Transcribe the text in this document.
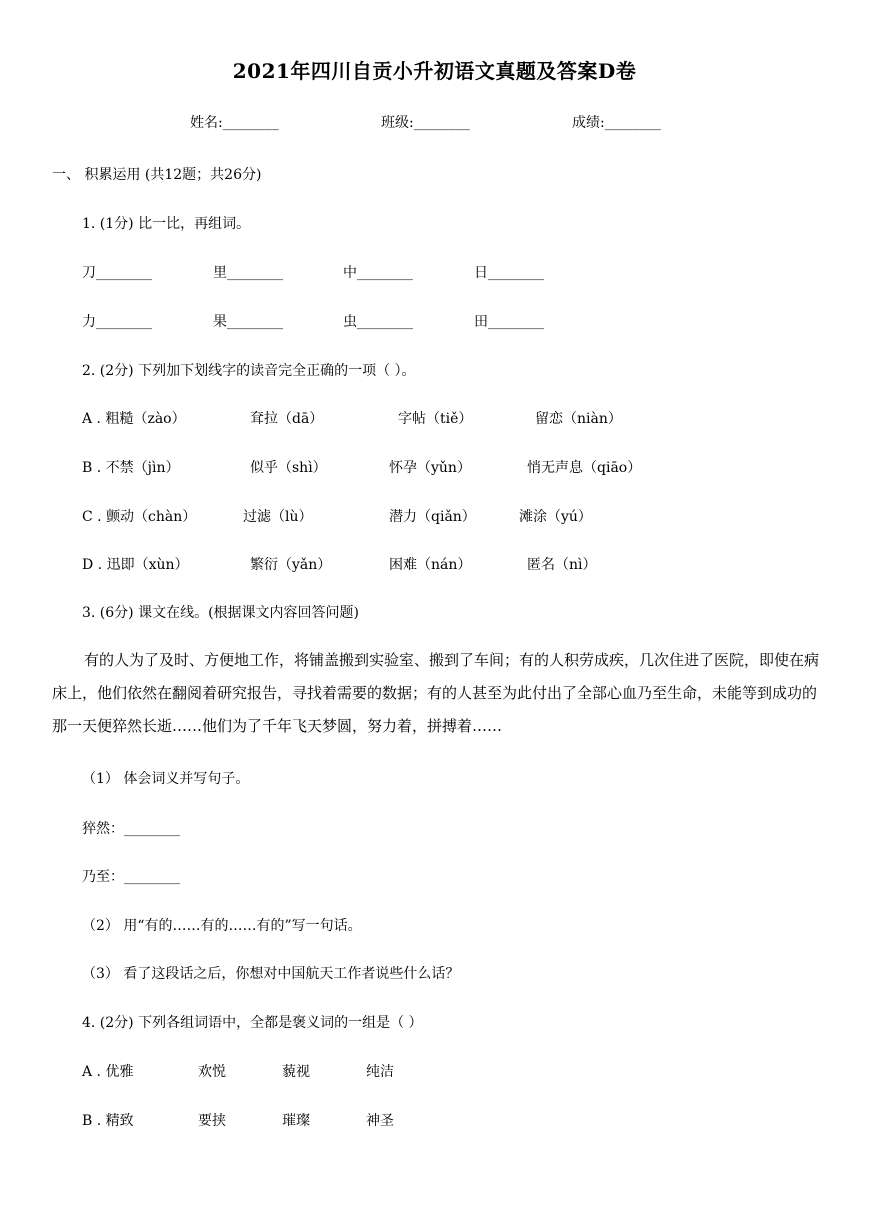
2021年四川自贡小升初语文真题及答案D卷
姓名:________	班级:________	成绩:________
一、 积累运用 (共12题；共26分)
1. (1分) 比一比，再组词。
刀________	里________	中________	日________
力________	果________	虫________	田________
2. (2分) 下列加下划线字的读音完全正确的一项（ ）。
A . 粗糙（zào）	耷拉（dā）	字帖（tiě）	留恋（niàn）
B . 不禁（jìn）	似乎（shì）	怀孕（yǔn）	悄无声息（qiāo）
C . 颤动（chàn）	过滤（lù）	潜力（qiǎn）	滩涂（yú）
D . 迅即（xùn）	繁衍（yǎn）	困难（nán）	匿名（nì）
3. (6分) 课文在线。(根据课文内容回答问题)
有的人为了及时、方便地工作，将铺盖搬到实验室、搬到了车间；有的人积劳成疾，几次住进了医院，即使在病床上，他们依然在翻阅着研究报告，寻找着需要的数据；有的人甚至为此付出了全部心血乃至生命，未能等到成功的那一天便猝然长逝……他们为了千年飞天梦圆，努力着，拼搏着……
（1） 体会词义并写句子。
猝然：________
乃至：________
（2） 用“有的……有的……有的”写一句话。
（3） 看了这段话之后，你想对中国航天工作者说些什么话？
4. (2分) 下列各组词语中，全都是褒义词的一组是（ ）
A . 优雅	欢悦	藐视	纯洁
B . 精致	要挟	璀璨	神圣
